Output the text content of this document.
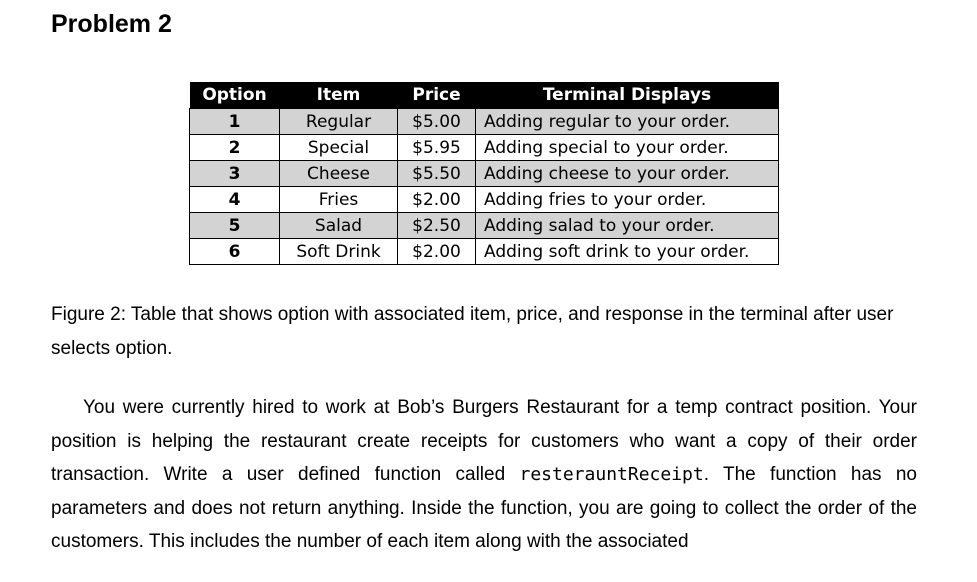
Problem 2
Option	Item	Price	Terminal Displays
1	Regular	$5.00	Adding regular to your order.
2	Special	$5.95	Adding special to your order.
3	Cheese	$5.50	Adding cheese to your order.
4	Fries	$2.00	Adding fries to your order.
5	Salad	$2.50	Adding salad to your order.
6	Soft Drink	$2.00	Adding soft drink to your order.
Figure 2: Table that shows option with associated item, price, and response in the terminal after user selects option.
You were currently hired to work at Bob’s Burgers Restaurant for a temp contract position. Your position is helping the restaurant create receipts for customers who want a copy of their order transaction. Write a user defined function called resterauntReceipt. The function has no parameters and does not return anything. Inside the function, you are going to collect the order of the customers. This includes the number of each item along with the associated
